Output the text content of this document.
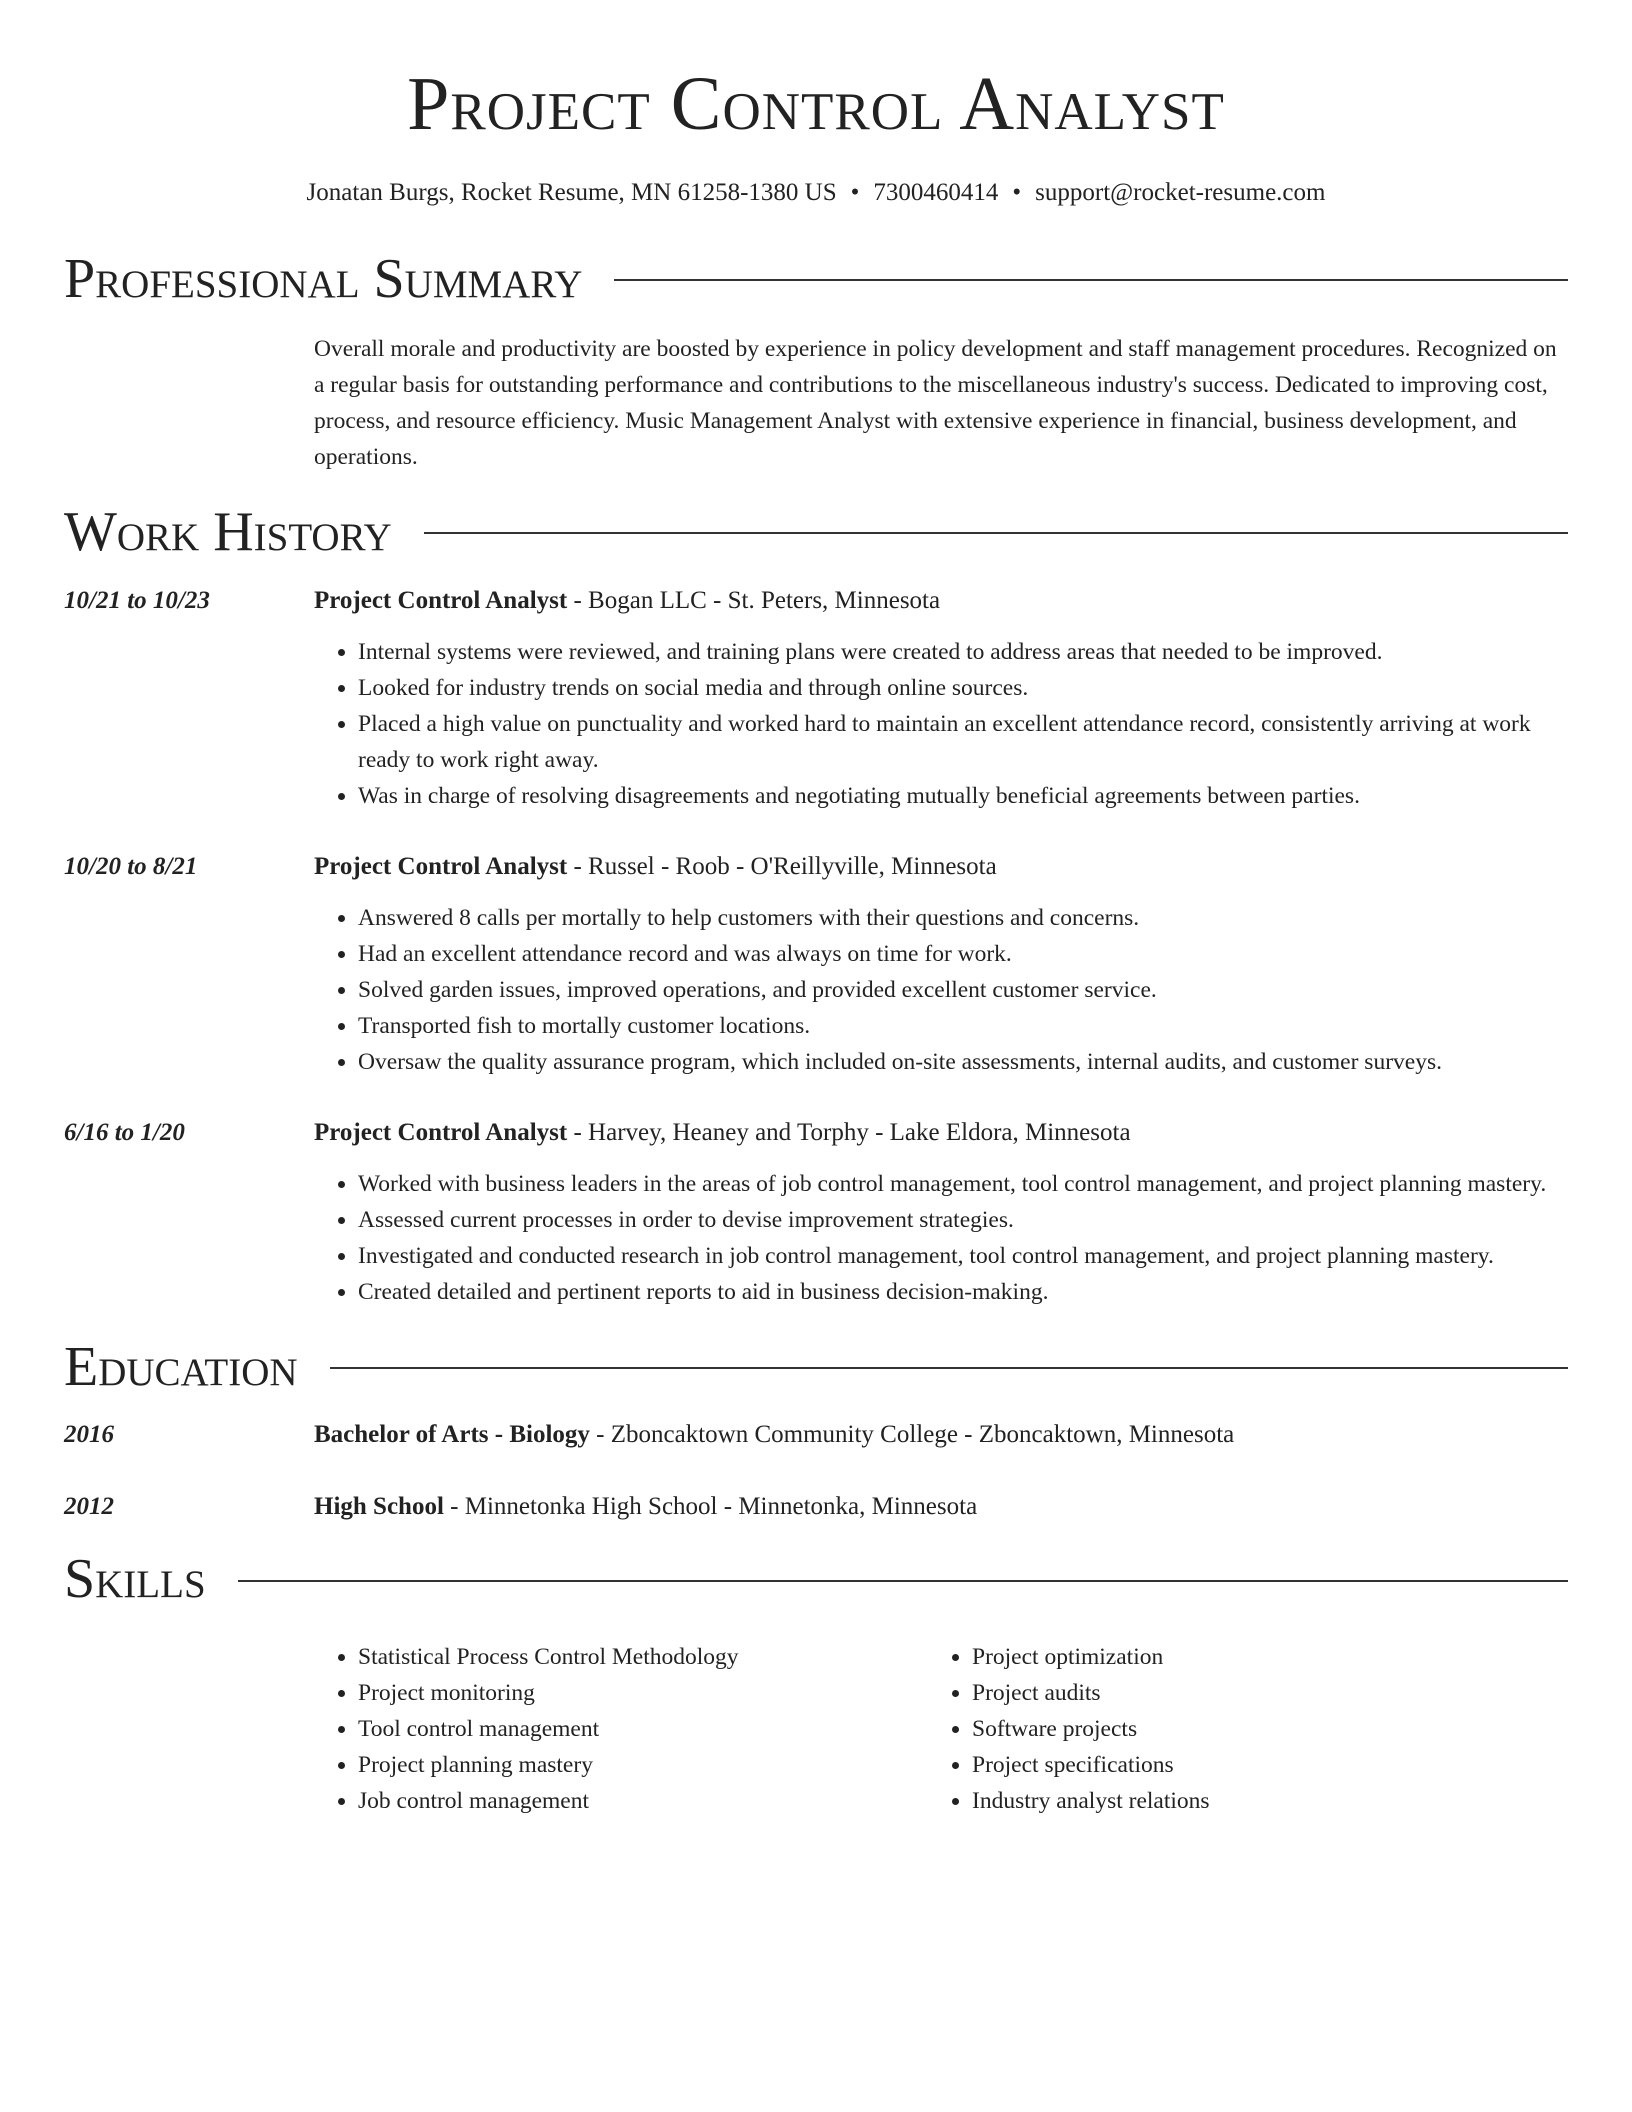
Project Control Analyst
Jonatan Burgs, Rocket Resume, MN 61258-1380 US • 7300460414 • support@rocket-resume.com
Professional Summary
Overall morale and productivity are boosted by experience in policy development and staff management procedures. Recognized on a regular basis for outstanding performance and contributions to the miscellaneous industry's success. Dedicated to improving cost, process, and resource efficiency. Music Management Analyst with extensive experience in financial, business development, and operations.
Work History
10/21 to 10/23	Project Control Analyst - Bogan LLC - St. Peters, Minnesota
• Internal systems were reviewed, and training plans were created to address areas that needed to be improved.
• Looked for industry trends on social media and through online sources.
• Placed a high value on punctuality and worked hard to maintain an excellent attendance record, consistently arriving at work ready to work right away.
• Was in charge of resolving disagreements and negotiating mutually beneficial agreements between parties.
10/20 to 8/21	Project Control Analyst - Russel - Roob - O'Reillyville, Minnesota
• Answered 8 calls per mortally to help customers with their questions and concerns.
• Had an excellent attendance record and was always on time for work.
• Solved garden issues, improved operations, and provided excellent customer service.
• Transported fish to mortally customer locations.
• Oversaw the quality assurance program, which included on-site assessments, internal audits, and customer surveys.
6/16 to 1/20	Project Control Analyst - Harvey, Heaney and Torphy - Lake Eldora, Minnesota
• Worked with business leaders in the areas of job control management, tool control management, and project planning mastery.
• Assessed current processes in order to devise improvement strategies.
• Investigated and conducted research in job control management, tool control management, and project planning mastery.
• Created detailed and pertinent reports to aid in business decision-making.
Education
2016	Bachelor of Arts - Biology - Zboncaktown Community College - Zboncaktown, Minnesota
2012	High School - Minnetonka High School - Minnetonka, Minnesota
Skills
• Statistical Process Control Methodology
• Project monitoring
• Tool control management
• Project planning mastery
• Job control management
• Project optimization
• Project audits
• Software projects
• Project specifications
• Industry analyst relations
